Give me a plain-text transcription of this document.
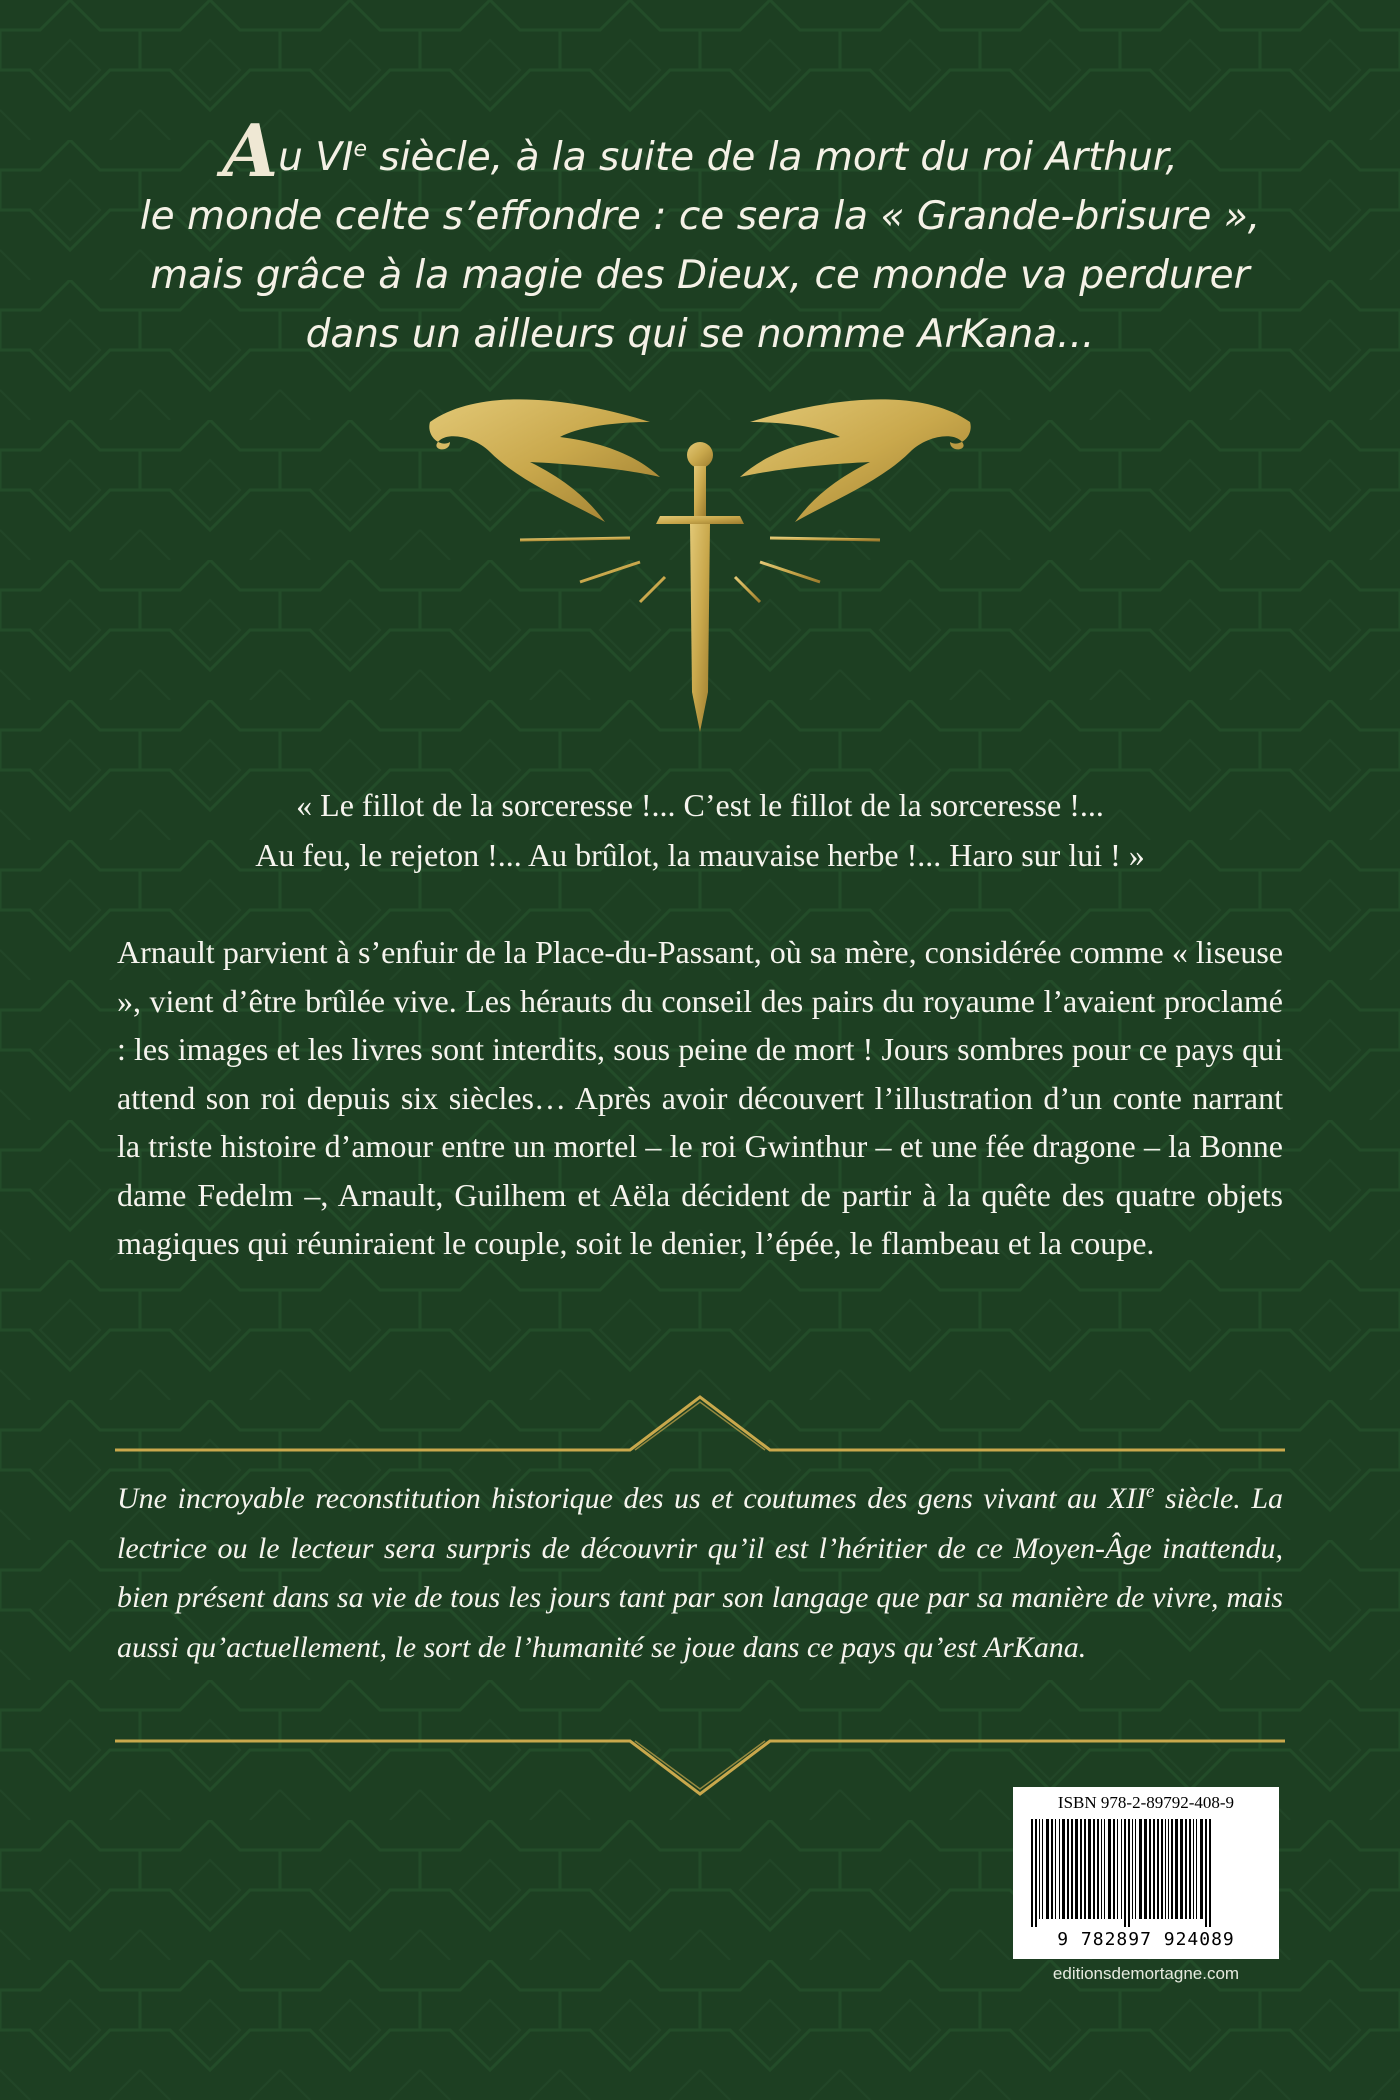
Au VIe siècle, à la suite de la mort du roi Arthur,
le monde celte s’effondre : ce sera la « Grande-brisure »,
mais grâce à la magie des Dieux, ce monde va perdurer
dans un ailleurs qui se nomme ArKana...
« Le fillot de la sorceresse !... C’est le fillot de la sorceresse !...
Au feu, le rejeton !... Au brûlot, la mauvaise herbe !... Haro sur lui ! »
Arnault parvient à s’enfuir de la Place-du-Passant, où sa mère, considérée comme « liseuse », vient d’être brûlée vive. Les hérauts du conseil des pairs du royaume l’avaient proclamé : les images et les livres sont interdits, sous peine de mort ! Jours sombres pour ce pays qui attend son roi depuis six siècles… Après avoir découvert l’illustration d’un conte narrant la triste histoire d’amour entre un mortel – le roi Gwinthur – et une fée dragone – la Bonne dame Fedelm –, Arnault, Guilhem et Aëla décident de partir à la quête des quatre objets magiques qui réuniraient le couple, soit le denier, l’épée, le flambeau et la coupe.
Une incroyable reconstitution historique des us et coutumes des gens vivant au XIIe siècle. La lectrice ou le lecteur sera surpris de découvrir qu’il est l’héritier de ce Moyen-Âge inattendu, bien présent dans sa vie de tous les jours tant par son langage que par sa manière de vivre, mais aussi qu’actuellement, le sort de l’humanité se joue dans ce pays qu’est ArKana.
ISBN 978-2-89792-408-9
9 782897 924089
editionsdemortagne.com
